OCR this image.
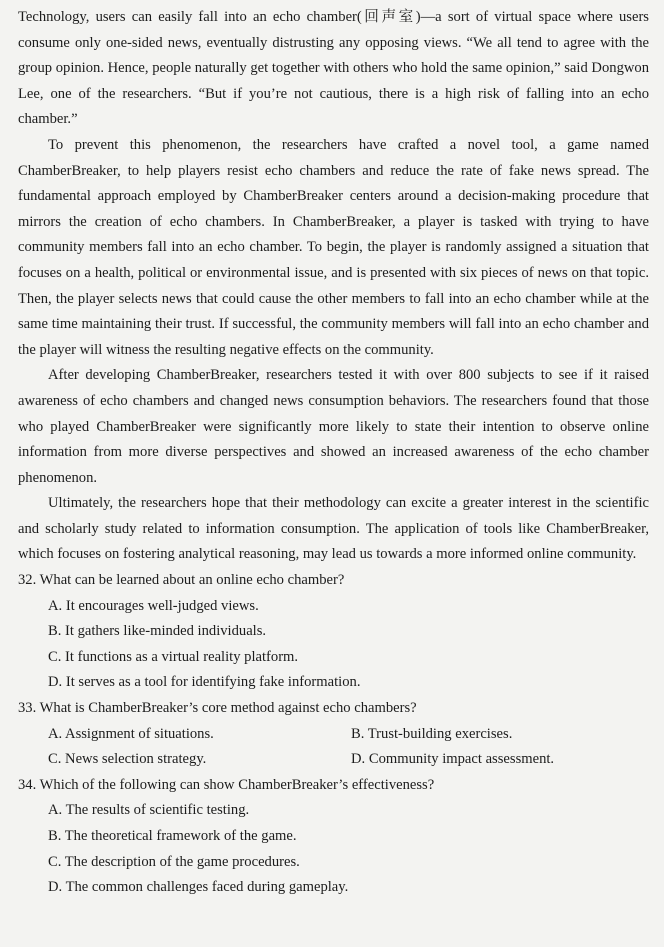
Technology, users can easily fall into an echo chamber(回声室)—a sort of virtual space where users consume only one-sided news, eventually distrusting any opposing views. “We all tend to agree with the group opinion. Hence, people naturally get together with others who hold the same opinion,” said Dongwon Lee, one of the researchers. “But if you’re not cautious, there is a high risk of falling into an echo chamber.”

To prevent this phenomenon, the researchers have crafted a novel tool, a game named ChamberBreaker, to help players resist echo chambers and reduce the rate of fake news spread. The fundamental approach employed by ChamberBreaker centers around a decision-making procedure that mirrors the creation of echo chambers. In ChamberBreaker, a player is tasked with trying to have community members fall into an echo chamber. To begin, the player is randomly assigned a situation that focuses on a health, political or environmental issue, and is presented with six pieces of news on that topic. Then, the player selects news that could cause the other members to fall into an echo chamber while at the same time maintaining their trust. If successful, the community members will fall into an echo chamber and the player will witness the resulting negative effects on the community.

After developing ChamberBreaker, researchers tested it with over 800 subjects to see if it raised awareness of echo chambers and changed news consumption behaviors. The researchers found that those who played ChamberBreaker were significantly more likely to state their intention to observe online information from more diverse perspectives and showed an increased awareness of the echo chamber phenomenon.

Ultimately, the researchers hope that their methodology can excite a greater interest in the scientific and scholarly study related to information consumption. The application of tools like ChamberBreaker, which focuses on fostering analytical reasoning, may lead us towards a more informed online community.

32. What can be learned about an online echo chamber?

A. It encourages well-judged views.

B. It gathers like-minded individuals.

C. It functions as a virtual reality platform.

D. It serves as a tool for identifying fake information.

33. What is ChamberBreaker’s core method against echo chambers?

A. Assignment of situations.	B. Trust-building exercises.

C. News selection strategy.	D. Community impact assessment.

34. Which of the following can show ChamberBreaker’s effectiveness?

A. The results of scientific testing.

B. The theoretical framework of the game.

C. The description of the game procedures.

D. The common challenges faced during gameplay.
